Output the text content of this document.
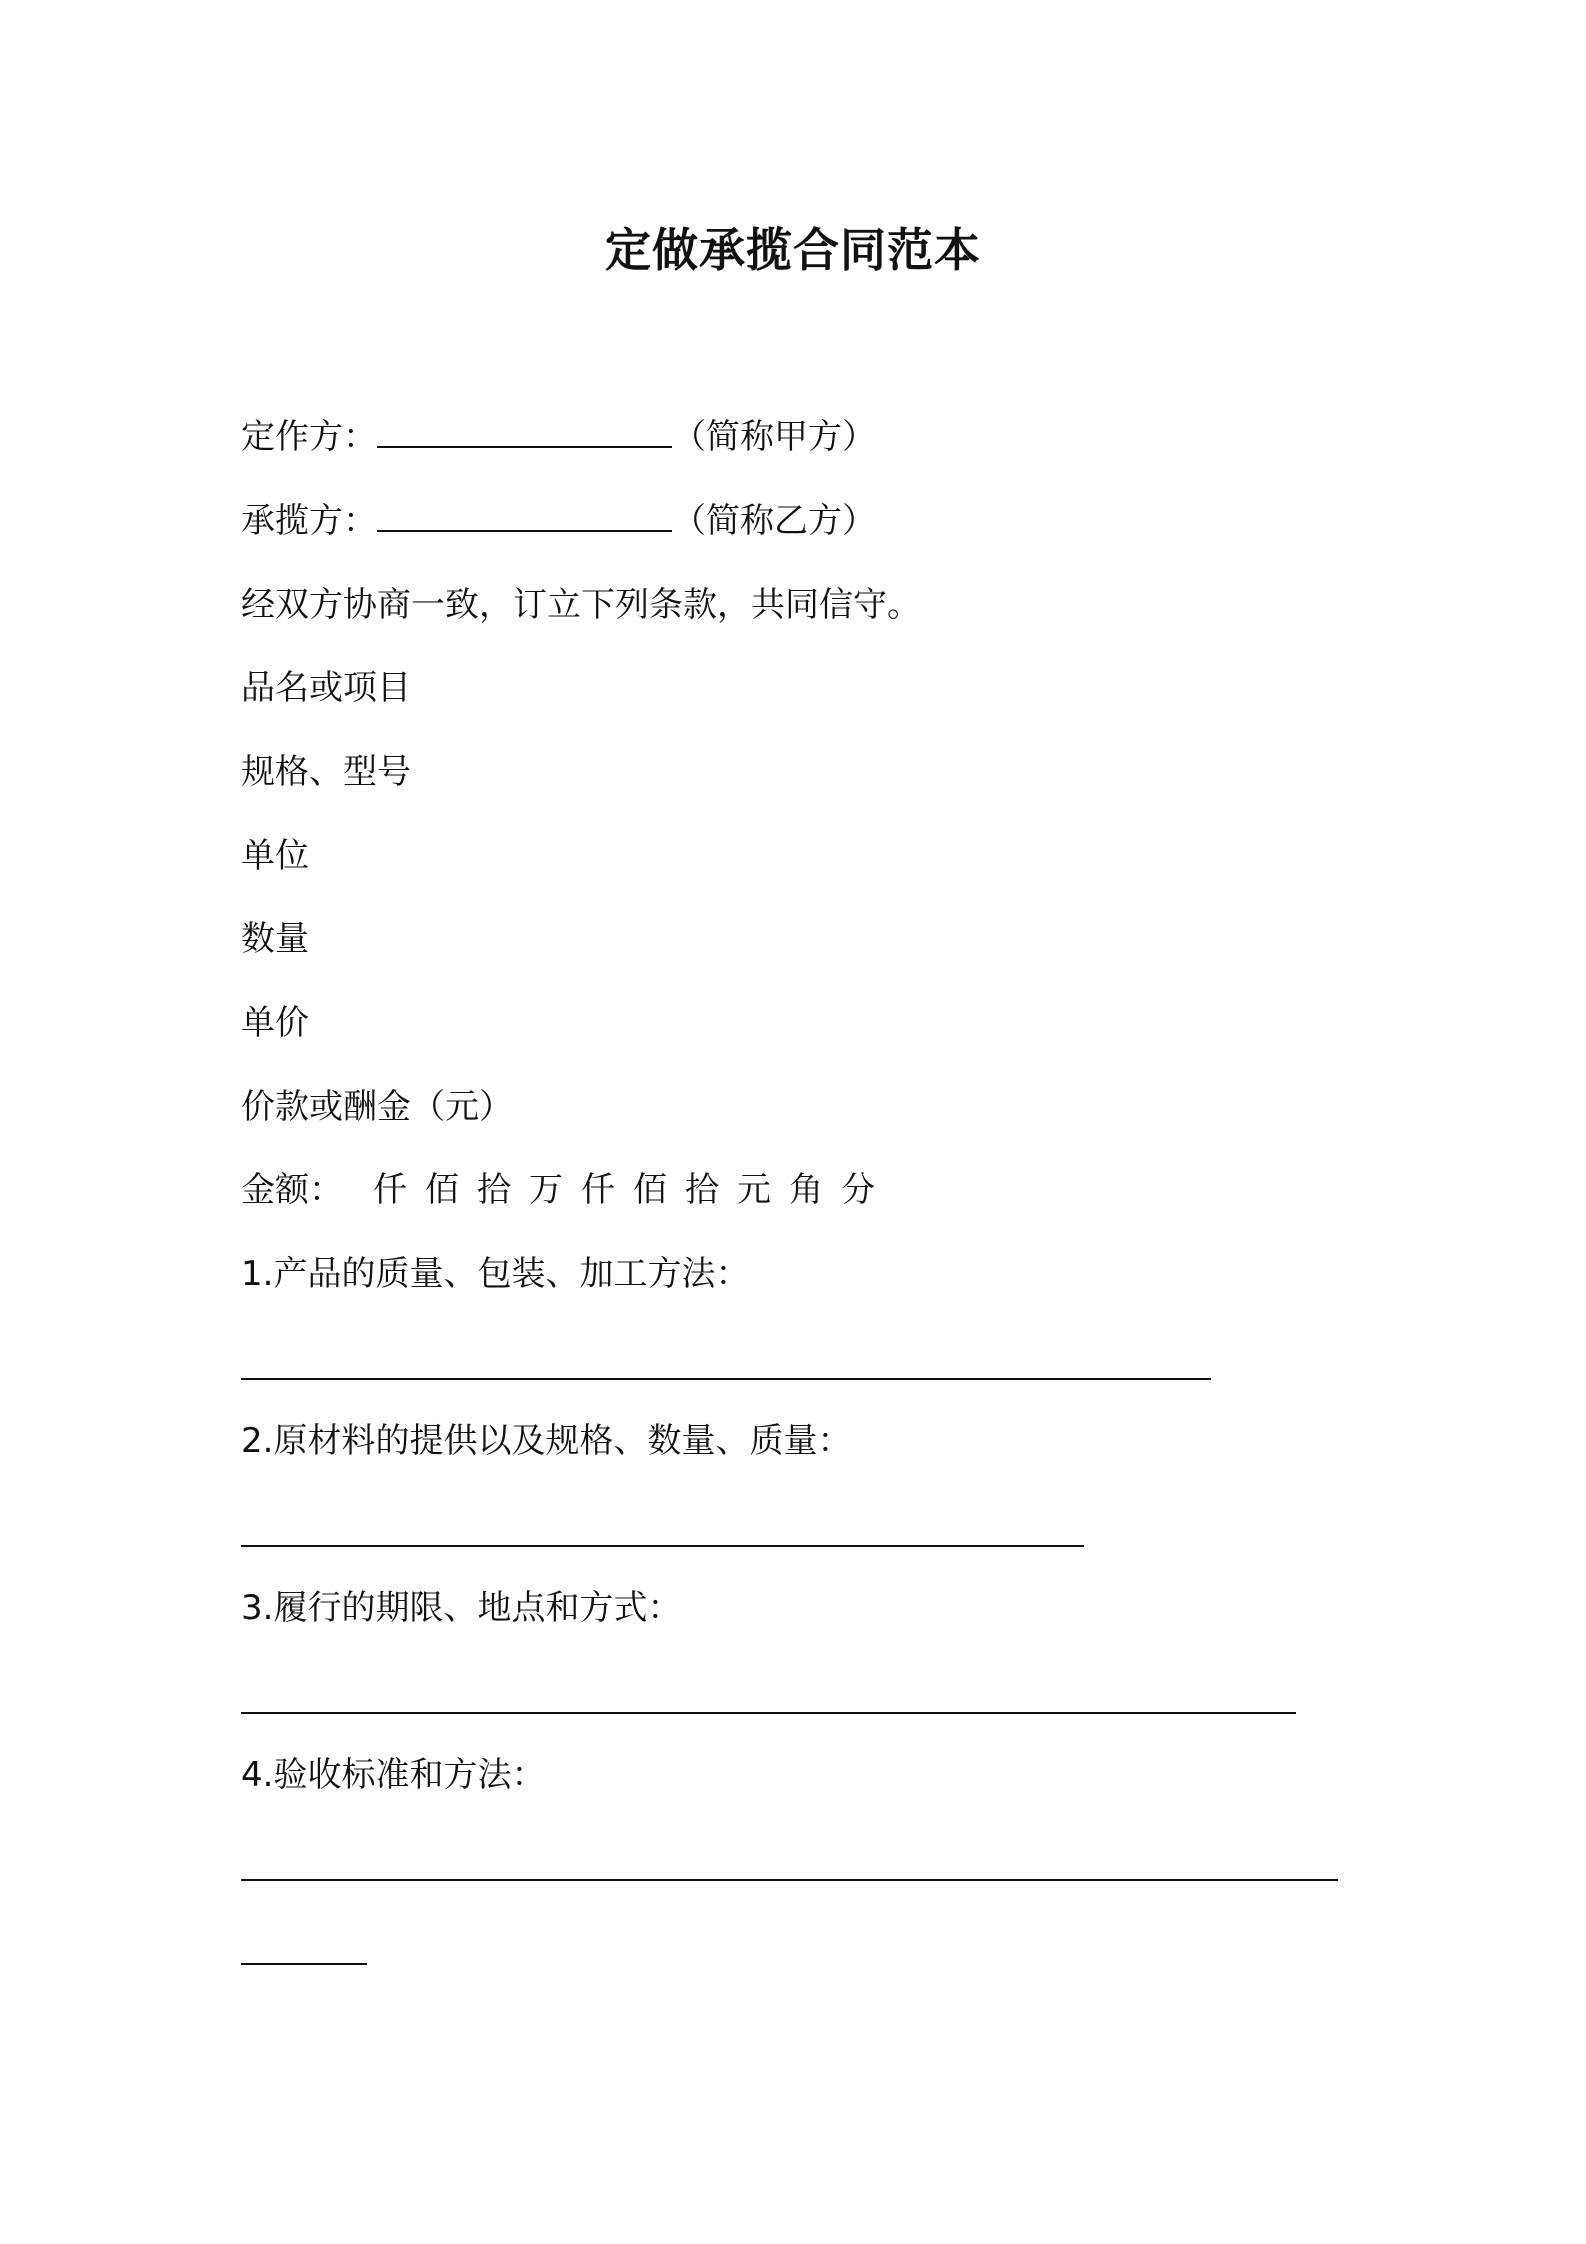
定做承揽合同范本
定作方：	（简称甲方）
承揽方：	（简称乙方）
经双方协商一致，订立下列条款，共同信守。
品名或项目
规格、型号
单位
数量
单价
价款或酬金（元）
金额： 仟 佰 拾 万 仟 佰 拾 元 角 分
1.产品的质量、包装、加工方法：
2.原材料的提供以及规格、数量、质量：
3.履行的期限、地点和方式：
4.验收标准和方法：
